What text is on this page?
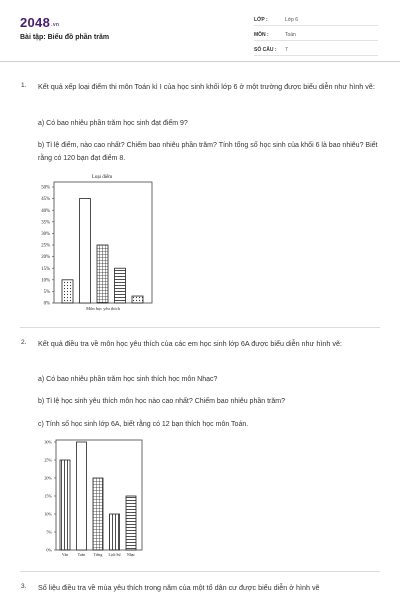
2048.vn
Bài tập: Biểu đồ phần trăm
LỚP :	Lớp 6
MÔN :	Toán
SỐ CÂU : 7
1. Kết quả xếp loại điểm thi môn Toán kì I của học sinh khối lớp 6 ở một trường được biểu diễn như hình vẽ:
a) Có bao nhiêu phần trăm học sinh đạt điểm 9?
b) Tỉ lệ điểm, nào cao nhất? Chiếm bao nhiêu phần trăm? Tính tổng số học sinh của khối 6 là bao nhiêu? Biết rằng có 120 bạn đạt điểm 8.
Loại điểm
50%
45%
40%
35%
30%
25%
20%
15%
10%
5%
0%
Môn học yêu thích
2. Kết quả điều tra về môn học yêu thích của các em học sinh lớp 6A được biểu diễn như hình vẽ:
a) Có bao nhiêu phần trăm học sinh thích học môn Nhạc?
b) Tỉ lệ học sinh yêu thích môn học nào cao nhất? Chiếm bao nhiêu phần trăm?
c) Tính số học sinh lớp 6A, biết rằng có 12 bạn thích học môn Toán.
30%
25%
20%
15%
10%
5%
0%
Văn	Toán Tiếng Lịch Sử Nhạc
3. Số liệu điều tra về mùa yêu thích trong năm của một tổ dân cư được biểu diễn ở hình vẽ
